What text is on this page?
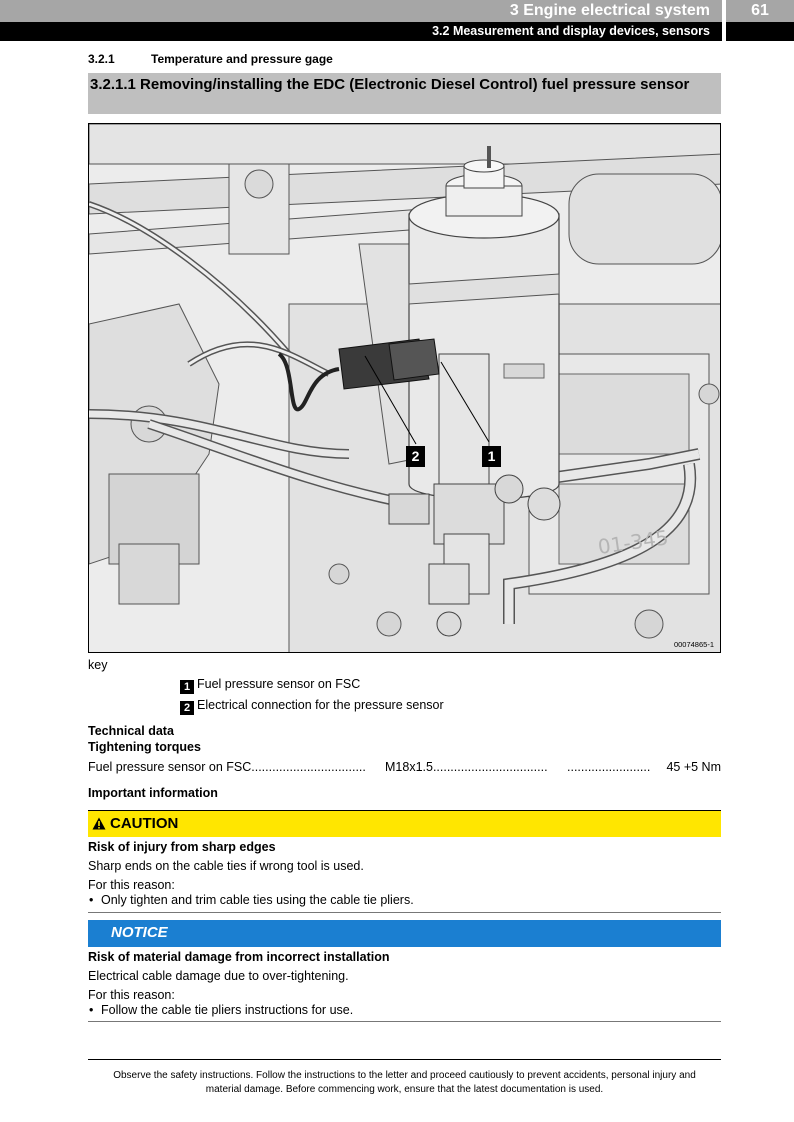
3 Engine electrical system	61
3.2 Measurement and display devices, sensors
3.2.1	Temperature and pressure gage
3.2.1.1 Removing/installing the EDC (Electronic Diesel Control) fuel pressure sensor
01-345
2	1
00074865-1
key
1 Fuel pressure sensor on FSC
2 Electrical connection for the pressure sensor
Technical data
Tightening torques
Fuel pressure sensor on FSC................................. M18x1.5................................. ........................ 45 +5 Nm
Important information
CAUTION
Risk of injury from sharp edges
Sharp ends on the cable ties if wrong tool is used.
For this reason:
• Only tighten and trim cable ties using the cable tie pliers.
NOTICE
Risk of material damage from incorrect installation
Electrical cable damage due to over-tightening.
For this reason:
• Follow the cable tie pliers instructions for use.
Observe the safety instructions. Follow the instructions to the letter and proceed cautiously to prevent accidents, personal injury and
material damage. Before commencing work, ensure that the latest documentation is used.
